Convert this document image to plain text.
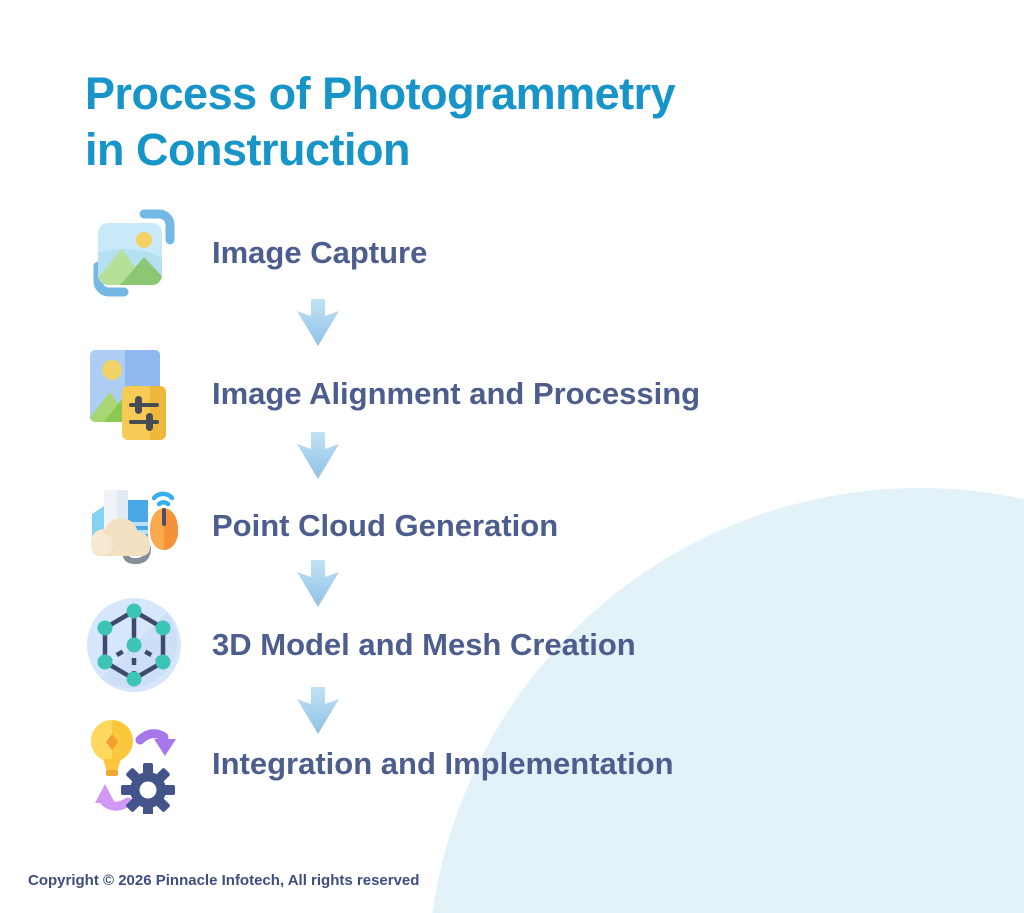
Process of Photogrammetry
in Construction
Image Capture
Image Alignment and Processing
Point Cloud Generation
3D Model and Mesh Creation
Integration and Implementation
Copyright © 2026 Pinnacle Infotech, All rights reserved
